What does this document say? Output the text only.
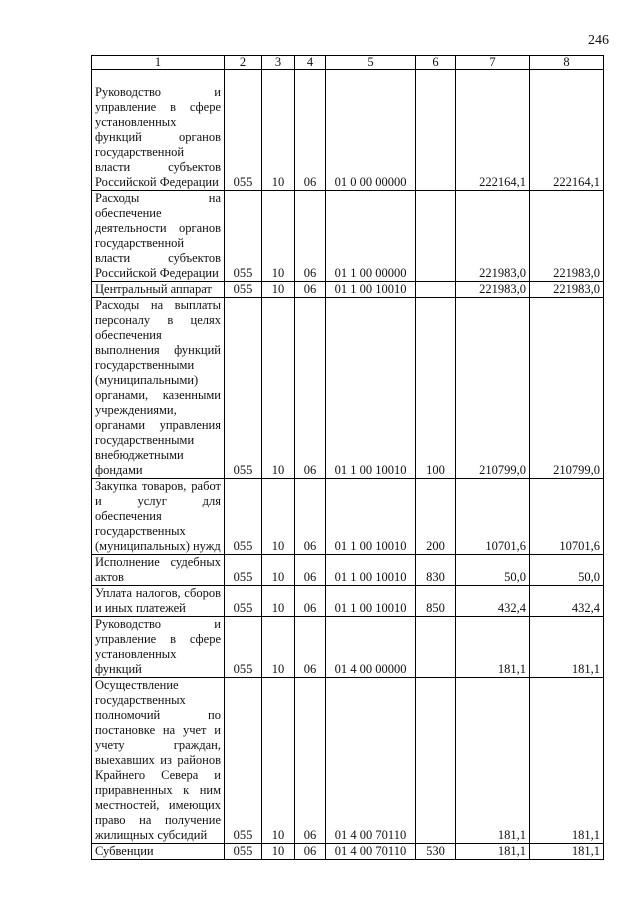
246
1	2	3	4	5	6	7	8
Руководство и управление в сфере установленных функций органов государственной власти субъектов Российской Федерации	055	10	06	01 0 00 00000		222164,1	222164,1
Расходы на обеспечение деятельности органов государственной власти субъектов Российской Федерации	055	10	06	01 1 00 00000		221983,0	221983,0
Центральный аппарат	055	10	06	01 1 00 10010		221983,0	221983,0
Расходы на выплаты персоналу в целях обеспечения выполнения функций государственными (муниципальными) органами, казенными учреждениями, органами управления государственными внебюджетными фондами	055	10	06	01 1 00 10010	100	210799,0	210799,0
Закупка товаров, работ и услуг для обеспечения государственных (муниципальных) нужд	055	10	06	01 1 00 10010	200	10701,6	10701,6
Исполнение судебных актов	055	10	06	01 1 00 10010	830	50,0	50,0
Уплата налогов, сборов и иных платежей	055	10	06	01 1 00 10010	850	432,4	432,4
Руководство и управление в сфере установленных функций	055	10	06	01 4 00 00000		181,1	181,1
Осуществление государственных полномочий по постановке на учет и учету граждан, выехавших из районов Крайнего Севера и приравненных к ним местностей, имеющих право на получение жилищных субсидий	055	10	06	01 4 00 70110		181,1	181,1
Субвенции	055	10	06	01 4 00 70110	530	181,1	181,1
